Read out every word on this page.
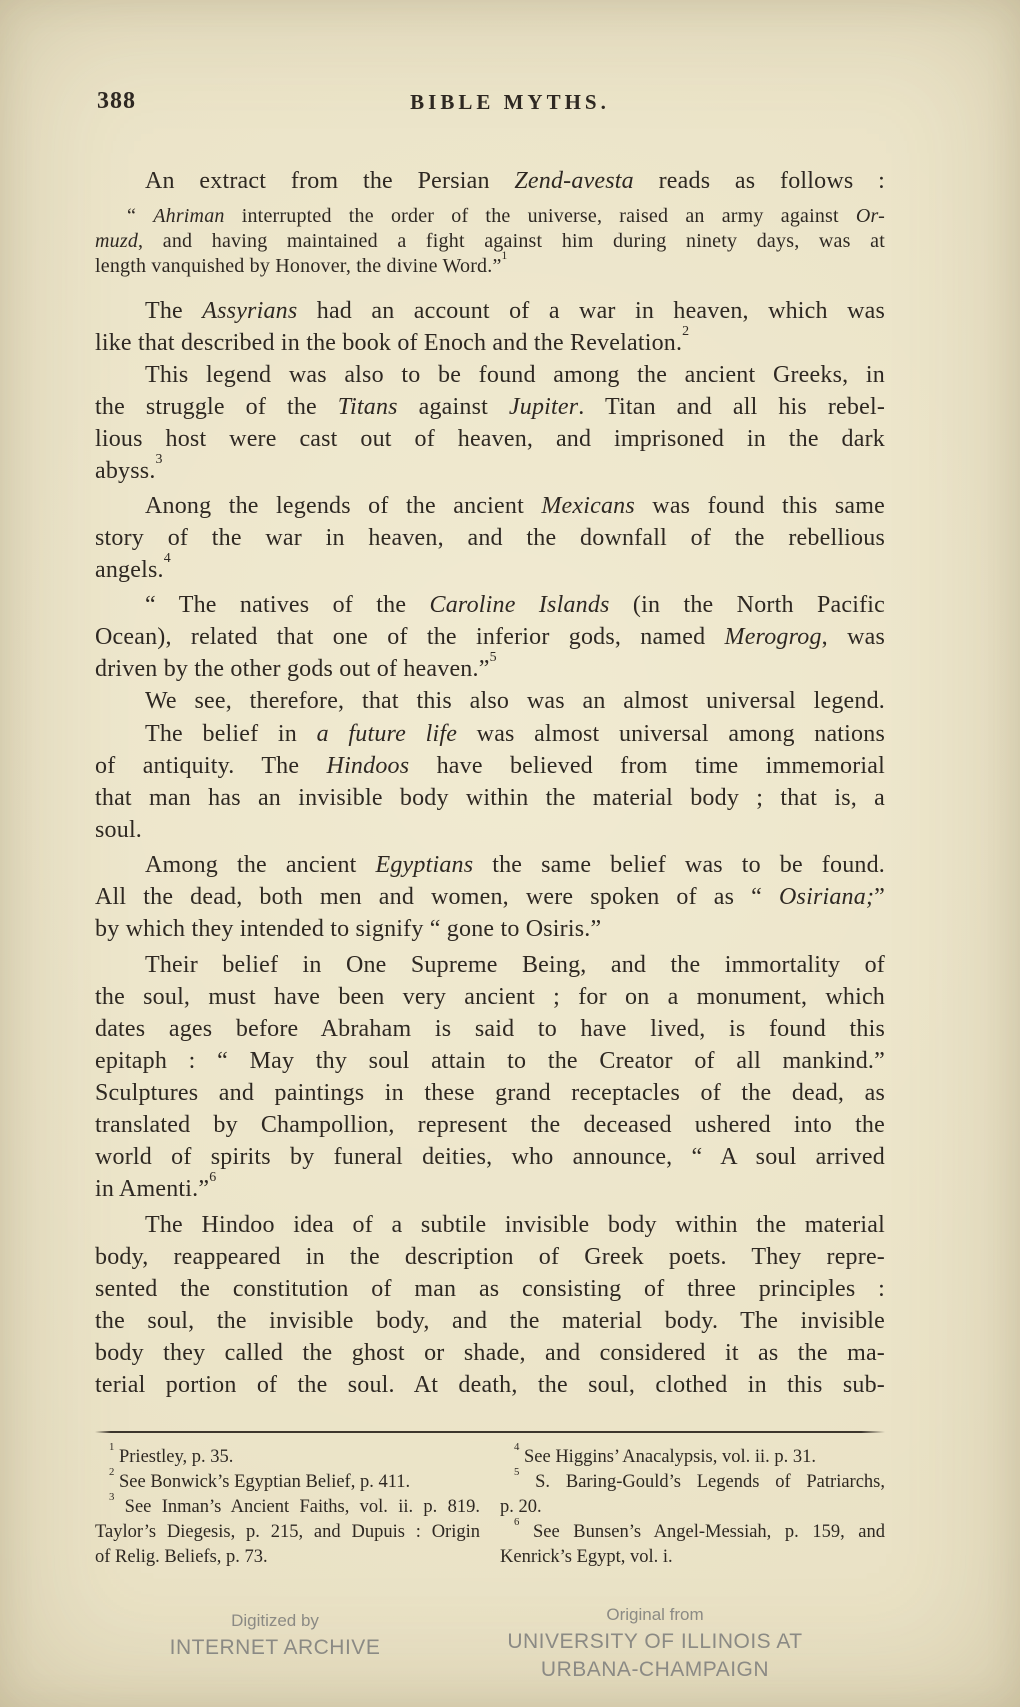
388	BIBLE MYTHS.
An extract from the Persian Zend-avesta reads as follows :
“ Ahriman interrupted the order of the universe, raised an army against Or-
muzd, and having maintained a fight against him during ninety days, was at
length vanquished by Honover, the divine Word.”$^1$
The Assyrians had an account of a war in heaven, which was
like that described in the book of Enoch and the Revelation.$^2$
This legend was also to be found among the ancient Greeks, in
the struggle of the Titans against Jupiter. Titan and all his rebel-
lious host were cast out of heaven, and imprisoned in the dark
abyss.$^3$
Anong the legends of the ancient Mexicans was found this same
story of the war in heaven, and the downfall of the rebellious
angels.$^4$
“ The natives of the Caroline Islands (in the North Pacific
Ocean), related that one of the inferior gods, named Merogrog, was
driven by the other gods out of heaven.”$^5$
We see, therefore, that this also was an almost universal legend.
The belief in a future life was almost universal among nations
of antiquity. The Hindoos have believed from time immemorial
that man has an invisible body within the material body ; that is, a
soul.
Among the ancient Egyptians the same belief was to be found.
All the dead, both men and women, were spoken of as “ Osiriana;”
by which they intended to signify “ gone to Osiris.”
Their belief in One Supreme Being, and the immortality of
the soul, must have been very ancient ; for on a monument, which
dates ages before Abraham is said to have lived, is found this
epitaph : “ May thy soul attain to the Creator of all mankind.”
Sculptures and paintings in these grand receptacles of the dead, as
translated by Champollion, represent the deceased ushered into the
world of spirits by funeral deities, who announce, “ A soul arrived
in Amenti.”$^6$
The Hindoo idea of a subtile invisible body within the material
body, reappeared in the description of Greek poets. They repre-
sented the constitution of man as consisting of three principles :
the soul, the invisible body, and the material body. The invisible
body they called the ghost or shade, and considered it as the ma-
terial portion of the soul. At death, the soul, clothed in this sub-
$^1$ Priestley, p. 35.
$^2$ See Bonwick’s Egyptian Belief, p. 411.
$^3$ See Inman’s Ancient Faiths, vol. ii. p. 819.
Taylor’s Diegesis, p. 215, and Dupuis : Origin
of Relig. Beliefs, p. 73.
$^4$ See Higgins’ Anacalypsis, vol. ii. p. 31.
$^5$ S. Baring-Gould’s Legends of Patriarchs,
p. 20.
$^6$ See Bunsen’s Angel-Messiah, p. 159, and
Kenrick’s Egypt, vol. i.
Digitized by
INTERNET ARCHIVE
Original from
UNIVERSITY OF ILLINOIS AT
URBANA-CHAMPAIGN
